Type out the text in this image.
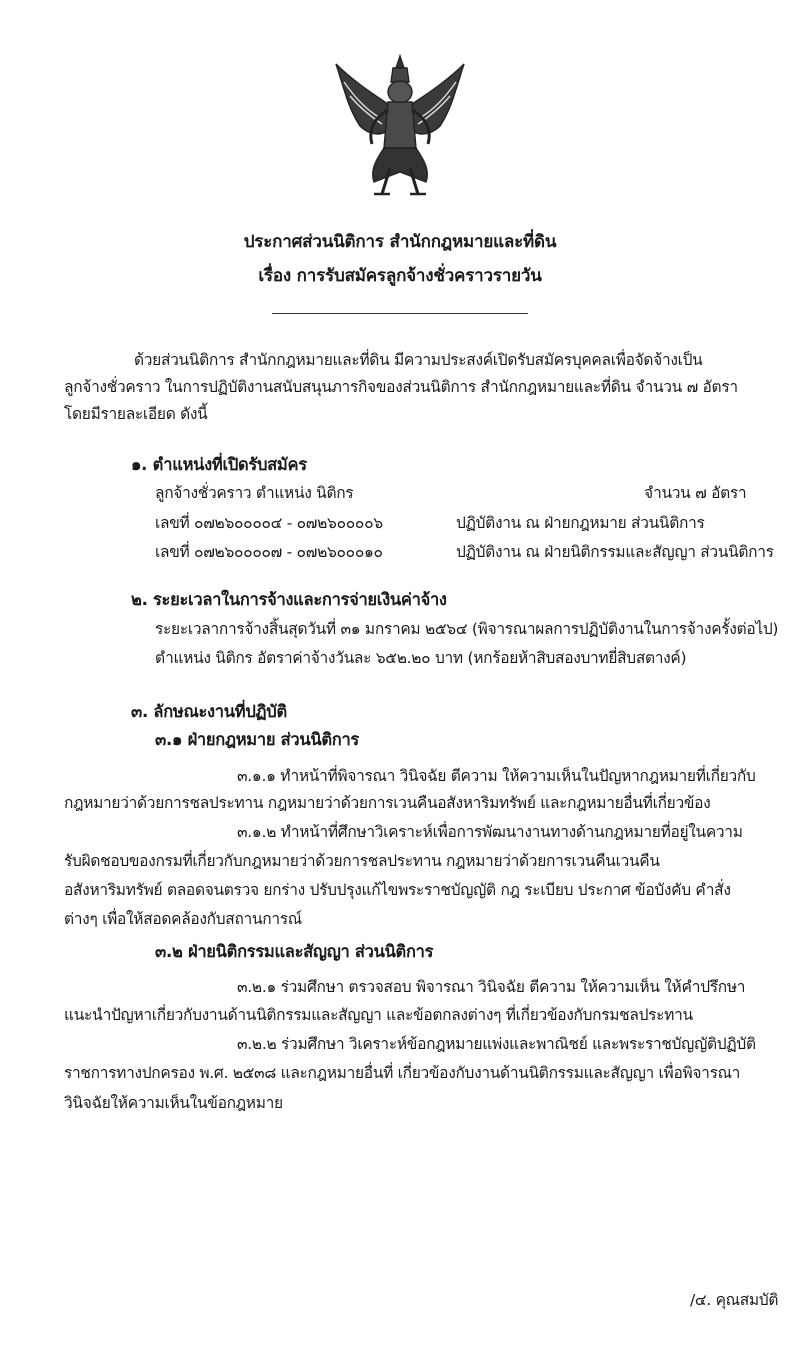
ประกาศส่วนนิติการ สำนักกฎหมายและที่ดิน
เรื่อง การรับสมัครลูกจ้างชั่วคราวรายวัน
ด้วยส่วนนิติการ สำนักกฎหมายและที่ดิน มีความประสงค์เปิดรับสมัครบุคคลเพื่อจัดจ้างเป็น
ลูกจ้างชั่วคราว ในการปฏิบัติงานสนับสนุนภารกิจของส่วนนิติการ สำนักกฎหมายและที่ดิน จำนวน ๗ อัตรา
โดยมีรายละเอียด ดังนี้
๑. ตำแหน่งที่เปิดรับสมัคร
ลูกจ้างชั่วคราว ตำแหน่ง นิติกร	จำนวน ๗ อัตรา
เลขที่ ๐๗๒๖๐๐๐๐๔ - ๐๗๒๖๐๐๐๐๖	ปฏิบัติงาน ณ ฝ่ายกฎหมาย ส่วนนิติการ
เลขที่ ๐๗๒๖๐๐๐๐๗ - ๐๗๒๖๐๐๐๑๐	ปฏิบัติงาน ณ ฝ่ายนิติกรรมและสัญญา ส่วนนิติการ
๒. ระยะเวลาในการจ้างและการจ่ายเงินค่าจ้าง
ระยะเวลาการจ้างสิ้นสุดวันที่ ๓๑ มกราคม ๒๕๖๔ (พิจารณาผลการปฏิบัติงานในการจ้างครั้งต่อไป)
ตำแหน่ง นิติกร อัตราค่าจ้างวันละ ๖๕๒.๒๐ บาท (หกร้อยห้าสิบสองบาทยี่สิบสตางค์)
๓. ลักษณะงานที่ปฏิบัติ
๓.๑ ฝ่ายกฎหมาย ส่วนนิติการ
๓.๑.๑ ทำหน้าที่พิจารณา วินิจฉัย ตีความ ให้ความเห็นในปัญหากฎหมายที่เกี่ยวกับ
กฎหมายว่าด้วยการชลประทาน กฎหมายว่าด้วยการเวนคืนอสังหาริมทรัพย์ และกฎหมายอื่นที่เกี่ยวข้อง
๓.๑.๒ ทำหน้าที่ศึกษาวิเคราะห์เพื่อการพัฒนางานทางด้านกฎหมายที่อยู่ในความ
รับผิดชอบของกรมที่เกี่ยวกับกฎหมายว่าด้วยการชลประทาน กฎหมายว่าด้วยการเวนคืนเวนคืน
อสังหาริมทรัพย์ ตลอดจนตรวจ ยกร่าง ปรับปรุงแก้ไขพระราชบัญญัติ กฎ ระเบียบ ประกาศ ข้อบังคับ คำสั่ง
ต่างๆ เพื่อให้สอดคล้องกับสถานการณ์
๓.๒ ฝ่ายนิติกรรมและสัญญา ส่วนนิติการ
๓.๒.๑ ร่วมศึกษา ตรวจสอบ พิจารณา วินิจฉัย ตีความ ให้ความเห็น ให้คำปรึกษา
แนะนำปัญหาเกี่ยวกับงานด้านนิติกรรมและสัญญา และข้อตกลงต่างๆ ที่เกี่ยวข้องกับกรมชลประทาน
๓.๒.๒ ร่วมศึกษา วิเคราะห์ข้อกฎหมายแพ่งและพาณิชย์ และพระราชบัญญัติปฏิบัติ
ราชการทางปกครอง พ.ศ. ๒๕๓๘ และกฎหมายอื่นที่ เกี่ยวข้องกับงานด้านนิติกรรมและสัญญา เพื่อพิจารณา
วินิจฉัยให้ความเห็นในข้อกฎหมาย
/๔. คุณสมบัติ
